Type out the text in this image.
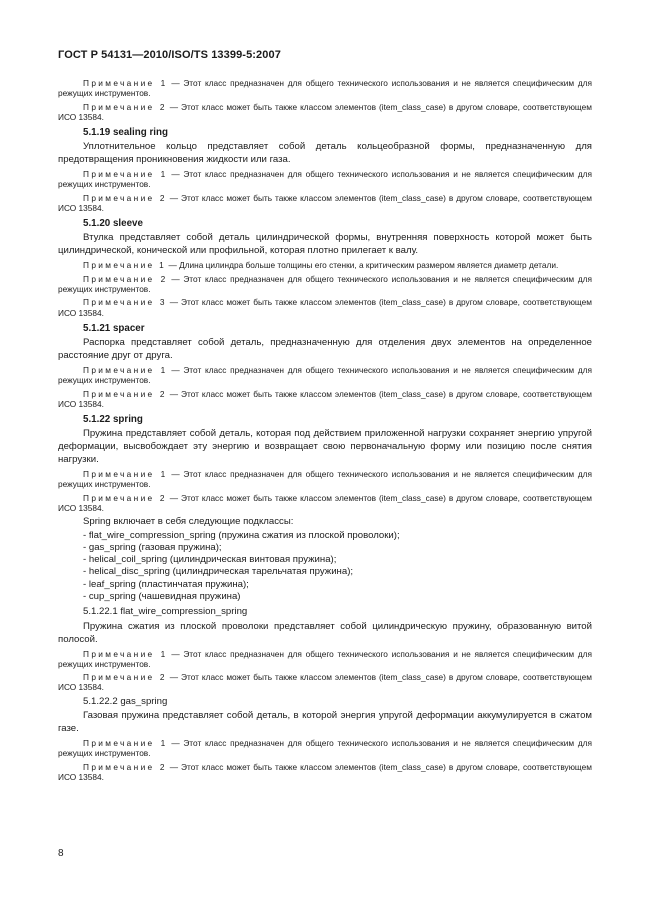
ГОСТ Р 54131—2010/ISO/TS 13399-5:2007

Примечание 1 — Этот класс предназначен для общего технического использования и не является специфическим для режущих инструментов.

Примечание 2 — Этот класс может быть также классом элементов (item_class_case) в другом словаре, соответствующем ИСО 13584.

5.1.19 sealing ring

Уплотнительное кольцо представляет собой деталь кольцеобразной формы, предназначенную для предотвращения проникновения жидкости или газа.

Примечание 1 — Этот класс предназначен для общего технического использования и не является специфическим для режущих инструментов.

Примечание 2 — Этот класс может быть также классом элементов (item_class_case) в другом словаре, соответствующем ИСО 13584.

5.1.20 sleeve

Втулка представляет собой деталь цилиндрической формы, внутренняя поверхность которой может быть цилиндрической, конической или профильной, которая плотно прилегает к валу.

Примечание 1 — Длина цилиндра больше толщины его стенки, а критическим размером является диаметр детали.

Примечание 2 — Этот класс предназначен для общего технического использования и не является специфическим для режущих инструментов.

Примечание 3 — Этот класс может быть также классом элементов (item_class_case) в другом словаре, соответствующем ИСО 13584.

5.1.21 spacer

Распорка представляет собой деталь, предназначенную для отделения двух элементов на определенное расстояние друг от друга.

Примечание 1 — Этот класс предназначен для общего технического использования и не является специфическим для режущих инструментов.

Примечание 2 — Этот класс может быть также классом элементов (item_class_case) в другом словаре, соответствующем ИСО 13584.

5.1.22 spring

Пружина представляет собой деталь, которая под действием приложенной нагрузки сохраняет энергию упругой деформации, высвобождает эту энергию и возвращает свою первоначальную форму или позицию после снятия нагрузки.

Примечание 1 — Этот класс предназначен для общего технического использования и не является специфическим для режущих инструментов.

Примечание 2 — Этот класс может быть также классом элементов (item_class_case) в другом словаре, соответствующем ИСО 13584.

Spring включает в себя следующие подклассы:

- flat_wire_compression_spring (пружина сжатия из плоской проволоки);
- gas_spring (газовая пружина);
- helical_coil_spring (цилиндрическая винтовая пружина);
- helical_disc_spring (цилиндрическая тарельчатая пружина);
- leaf_spring (пластинчатая пружина);
- cup_spring (чашевидная пружина)

5.1.22.1 flat_wire_compression_spring

Пружина сжатия из плоской проволоки представляет собой цилиндрическую пружину, образованную витой полосой.

Примечание 1 — Этот класс предназначен для общего технического использования и не является специфическим для режущих инструментов.

Примечание 2 — Этот класс может быть также классом элементов (item_class_case) в другом словаре, соответствующем ИСО 13584.

5.1.22.2 gas_spring

Газовая пружина представляет собой деталь, в которой энергия упругой деформации аккумулируется в сжатом газе.

Примечание 1 — Этот класс предназначен для общего технического использования и не является специфическим для режущих инструментов.

Примечание 2 — Этот класс может быть также классом элементов (item_class_case) в другом словаре, соответствующем ИСО 13584.

8
